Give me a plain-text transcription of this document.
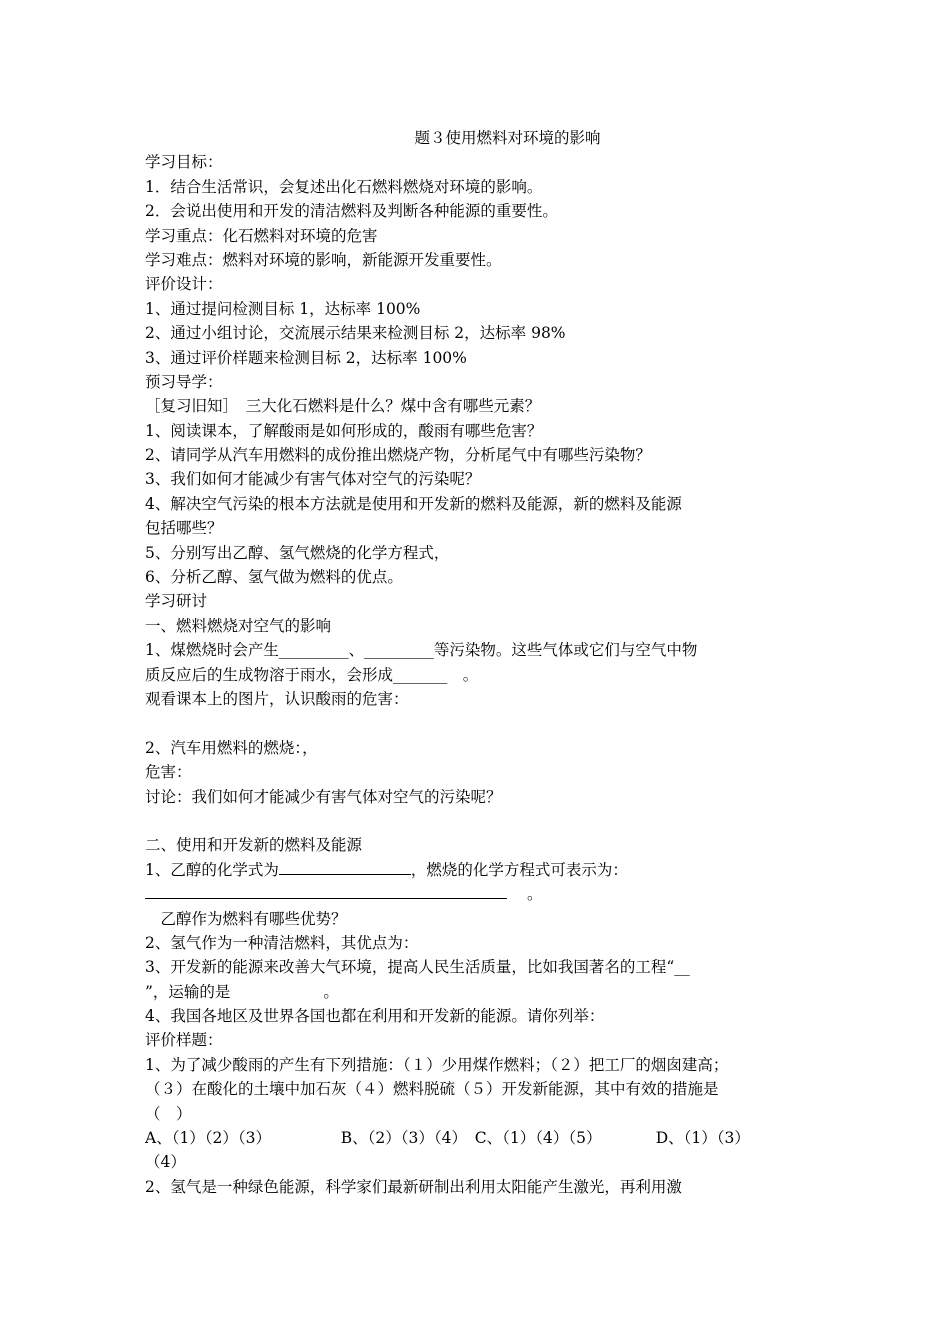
题３使用燃料对环境的影响
学习目标：
1．结合生活常识，会复述出化石燃料燃烧对环境的影响。
2．会说出使用和开发的清洁燃料及判断各种能源的重要性。
学习重点：化石燃料对环境的危害
学习难点：燃料对环境的影响，新能源开发重要性。
评价设计：
1、通过提问检测目标 1，达标率 100%
2、通过小组讨论，交流展示结果来检测目标 2，达标率 98%
3、通过评价样题来检测目标 2，达标率 100%
预习导学：
［复习旧知］　三大化石燃料是什么？煤中含有哪些元素？
1、阅读课本，了解酸雨是如何形成的，酸雨有哪些危害？
2、请同学从汽车用燃料的成份推出燃烧产物，分析尾气中有哪些污染物？
3、我们如何才能减少有害气体对空气的污染呢？
4、解决空气污染的根本方法就是使用和开发新的燃料及能源，新的燃料及能源
包括哪些？
5、分别写出乙醇、氢气燃烧的化学方程式，
6、分析乙醇、氢气做为燃料的优点。
学习研讨
一、燃料燃烧对空气的影响
1、煤燃烧时会产生_________、_________等污染物。这些气体或它们与空气中物
质反应后的生成物溶于雨水，会形成_______　。
观看课本上的图片，认识酸雨的危害：
2、汽车用燃料的燃烧：，
危害：
讨论：我们如何才能减少有害气体对空气的污染呢？
二、使用和开发新的燃料及能源
1、乙醇的化学式为	，燃烧的化学方程式可表示为：
。
　乙醇作为燃料有哪些优势？
2、氢气作为一种清洁燃料，其优点为：
3、开发新的能源来改善大气环境，提高人民生活质量，比如我国著名的工程“__
”，运输的是　　　　　　。
4、我国各地区及世界各国也都在利用和开发新的能源。请你列举：
评价样题：
1、为了减少酸雨的产生有下列措施：（１）少用煤作燃料；（２）把工厂的烟囱建高；
（３）在酸化的土壤中加石灰（４）燃料脱硫（５）开发新能源，其中有效的措施是
（　）
A、（1）（2）（3）　　　　　B、（2）（3）（4）　C、（1）（4）（5）　　　　D、（1）（3）
（4）
2、氢气是一种绿色能源，科学家们最新研制出利用太阳能产生激光，再利用激
